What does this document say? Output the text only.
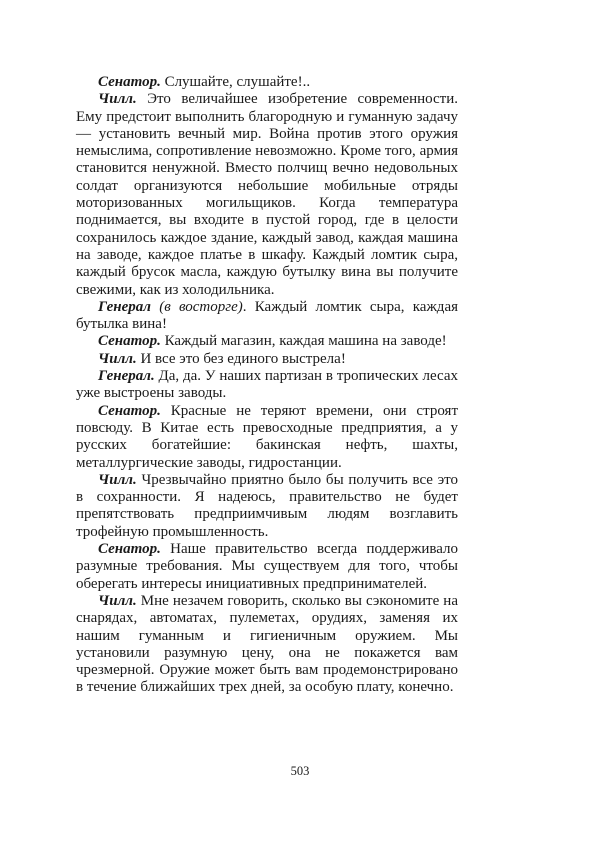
Сенатор. Слушайте, слушайте!..

Чилл. Это величайшее изобретение современности. Ему предстоит выполнить благородную и гуманную задачу — установить вечный мир. Война против этого оружия немыслима, сопротивление невозможно. Кроме того, армия становится ненужной. Вместо полчищ вечно недовольных солдат организуются небольшие мобильные отряды моторизованных могильщиков. Когда температура поднимается, вы входите в пустой город, где в целости сохранилось каждое здание, каждый завод, каждая машина на заводе, каждое платье в шкафу. Каждый ломтик сыра, каждый брусок масла, каждую бутылку вина вы получите свежими, как из холодильника.

Генерал (в восторге). Каждый ломтик сыра, каждая бутылка вина!

Сенатор. Каждый магазин, каждая машина на заводе!

Чилл. И все это без единого выстрела!

Генерал. Да, да. У наших партизан в тропических лесах уже выстроены заводы.

Сенатор. Красные не теряют времени, они строят повсюду. В Китае есть превосходные предприятия, а у русских богатейшие: бакинская нефть, шахты, металлургические заводы, гидростанции.

Чилл. Чрезвычайно приятно было бы получить все это в сохранности. Я надеюсь, правительство не будет препятствовать предприимчивым людям возглавить трофейную промышленность.

Сенатор. Наше правительство всегда поддерживало разумные требования. Мы существуем для того, чтобы оберегать интересы инициативных предпринимателей.

Чилл. Мне незачем говорить, сколько вы сэкономите на снарядах, автоматах, пулеметах, орудиях, заменяя их нашим гуманным и гигиеничным оружием. Мы установили разумную цену, она не покажется вам чрезмерной. Оружие может быть вам продемонстрировано в течение ближайших трех дней, за особую плату, конечно.

503
